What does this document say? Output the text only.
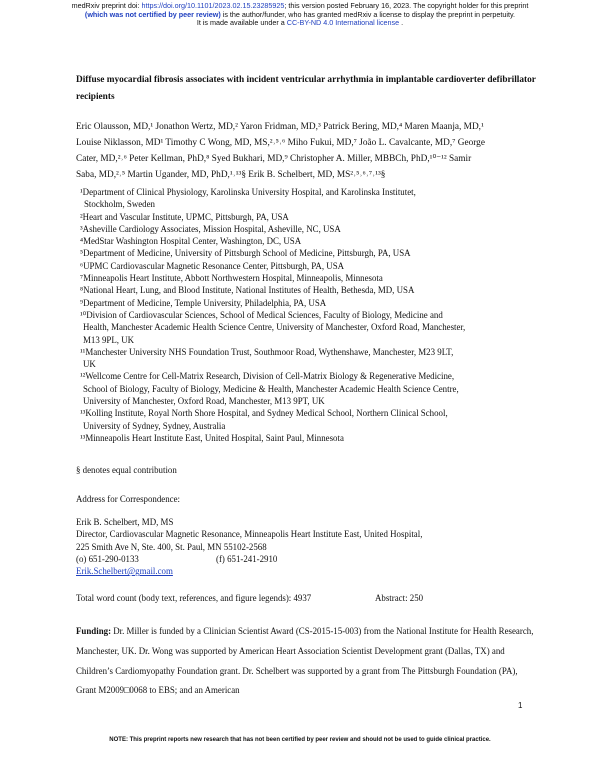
medRxiv preprint doi: https://doi.org/10.1101/2023.02.15.23285925; this version posted February 16, 2023. The copyright holder for this preprint
(which was not certified by peer review) is the author/funder, who has granted medRxiv a license to display the preprint in perpetuity.
It is made available under a CC-BY-ND 4.0 International license .
Diffuse myocardial fibrosis associates with incident ventricular arrhythmia in implantable cardioverter defibrillator recipients
Eric Olausson, MD,¹ Jonathon Wertz, MD,² Yaron Fridman, MD,³ Patrick Bering, MD,⁴ Maren Maanja, MD,¹
Louise Niklasson, MD¹ Timothy C Wong, MD, MS,²˒⁵˒⁶ Miho Fukui, MD,⁷ João L. Cavalcante, MD,⁷ George
Cater, MD,²˒⁶ Peter Kellman, PhD,⁸ Syed Bukhari, MD,⁹ Christopher A. Miller, MBBCh, PhD,¹⁰⁻¹² Samir
Saba, MD,²˒⁵ Martin Ugander, MD, PhD,¹˒¹³§ Erik B. Schelbert, MD, MS²˒⁵˒⁶˒⁷˒¹³§
¹Department of Clinical Physiology, Karolinska University Hospital, and Karolinska Institutet,
Stockholm, Sweden
²Heart and Vascular Institute, UPMC, Pittsburgh, PA, USA
³Asheville Cardiology Associates, Mission Hospital, Asheville, NC, USA
⁴MedStar Washington Hospital Center, Washington, DC, USA
⁵Department of Medicine, University of Pittsburgh School of Medicine, Pittsburgh, PA, USA
⁶UPMC Cardiovascular Magnetic Resonance Center, Pittsburgh, PA, USA
⁷Minneapolis Heart Institute, Abbott Northwestern Hospital, Minneapolis, Minnesota
⁸National Heart, Lung, and Blood Institute, National Institutes of Health, Bethesda, MD, USA
⁹Department of Medicine, Temple University, Philadelphia, PA, USA
¹⁰Division of Cardiovascular Sciences, School of Medical Sciences, Faculty of Biology, Medicine and
Health, Manchester Academic Health Science Centre, University of Manchester, Oxford Road, Manchester,
M13 9PL, UK
¹¹Manchester University NHS Foundation Trust, Southmoor Road, Wythenshawe, Manchester, M23 9LT,
UK
¹²Wellcome Centre for Cell-Matrix Research, Division of Cell-Matrix Biology & Regenerative Medicine,
School of Biology, Faculty of Biology, Medicine & Health, Manchester Academic Health Science Centre,
University of Manchester, Oxford Road, Manchester, M13 9PT, UK
¹³Kolling Institute, Royal North Shore Hospital, and Sydney Medical School, Northern Clinical School,
University of Sydney, Sydney, Australia
¹³Minneapolis Heart Institute East, United Hospital, Saint Paul, Minnesota
§ denotes equal contribution
Address for Correspondence:
Erik B. Schelbert, MD, MS
Director, Cardiovascular Magnetic Resonance, Minneapolis Heart Institute East, United Hospital,
225 Smith Ave N, Ste. 400, St. Paul, MN 55102-2568
(o) 651-290-0133	(f) 651-241-2910
Erik.Schelbert@gmail.com
Total word count (body text, references, and figure legends): 4937	Abstract: 250
Funding: Dr. Miller is funded by a Clinician Scientist Award (CS-2015-15-003) from the National Institute for Health Research, Manchester, UK. Dr. Wong was supported by American Heart Association Scientist Development grant (Dallas, TX) and Children’s Cardiomyopathy Foundation grant. Dr. Schelbert was supported by a grant from The Pittsburgh Foundation (PA), Grant M2009□0068 to EBS; and an American
1
NOTE: This preprint reports new research that has not been certified by peer review and should not be used to guide clinical practice.
